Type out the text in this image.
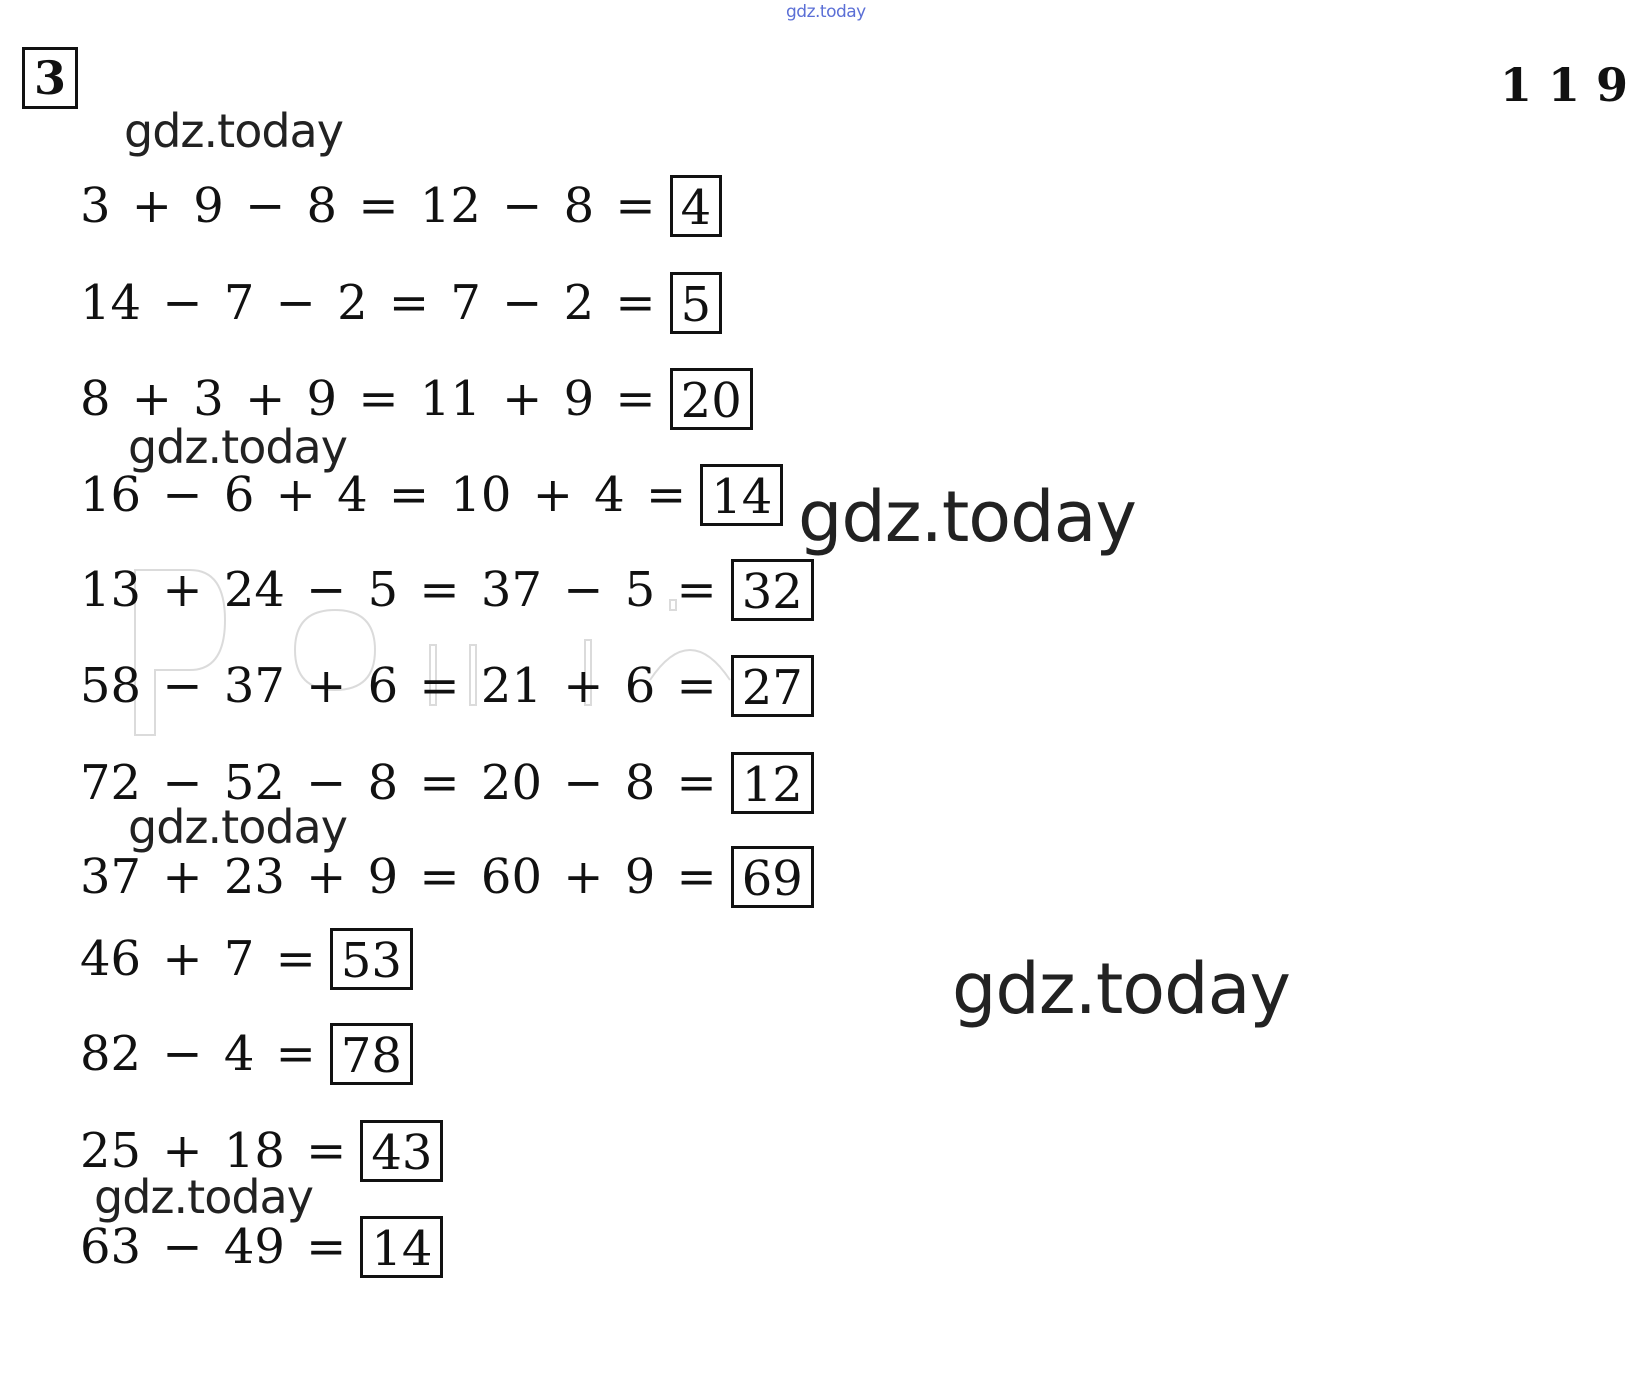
gdz.today
3	1 1 9
3 + 9 − 8 = 12 − 8 = 4
14 − 7 − 2 = 7 − 2 = 5
8 + 3 + 9 = 11 + 9 = 20
16 − 6 + 4 = 10 + 4 = 14
13 + 24 − 5 = 37 − 5 = 32
58 − 37 + 6 = 21 + 6 = 27
72 − 52 − 8 = 20 − 8 = 12
37 + 23 + 9 = 60 + 9 = 69
46 + 7 = 53
82 − 4 = 78
25 + 18 = 43
63 − 49 = 14
gdz.today
gdz.today
gdz.today
gdz.today
gdz.today
gdz.today
